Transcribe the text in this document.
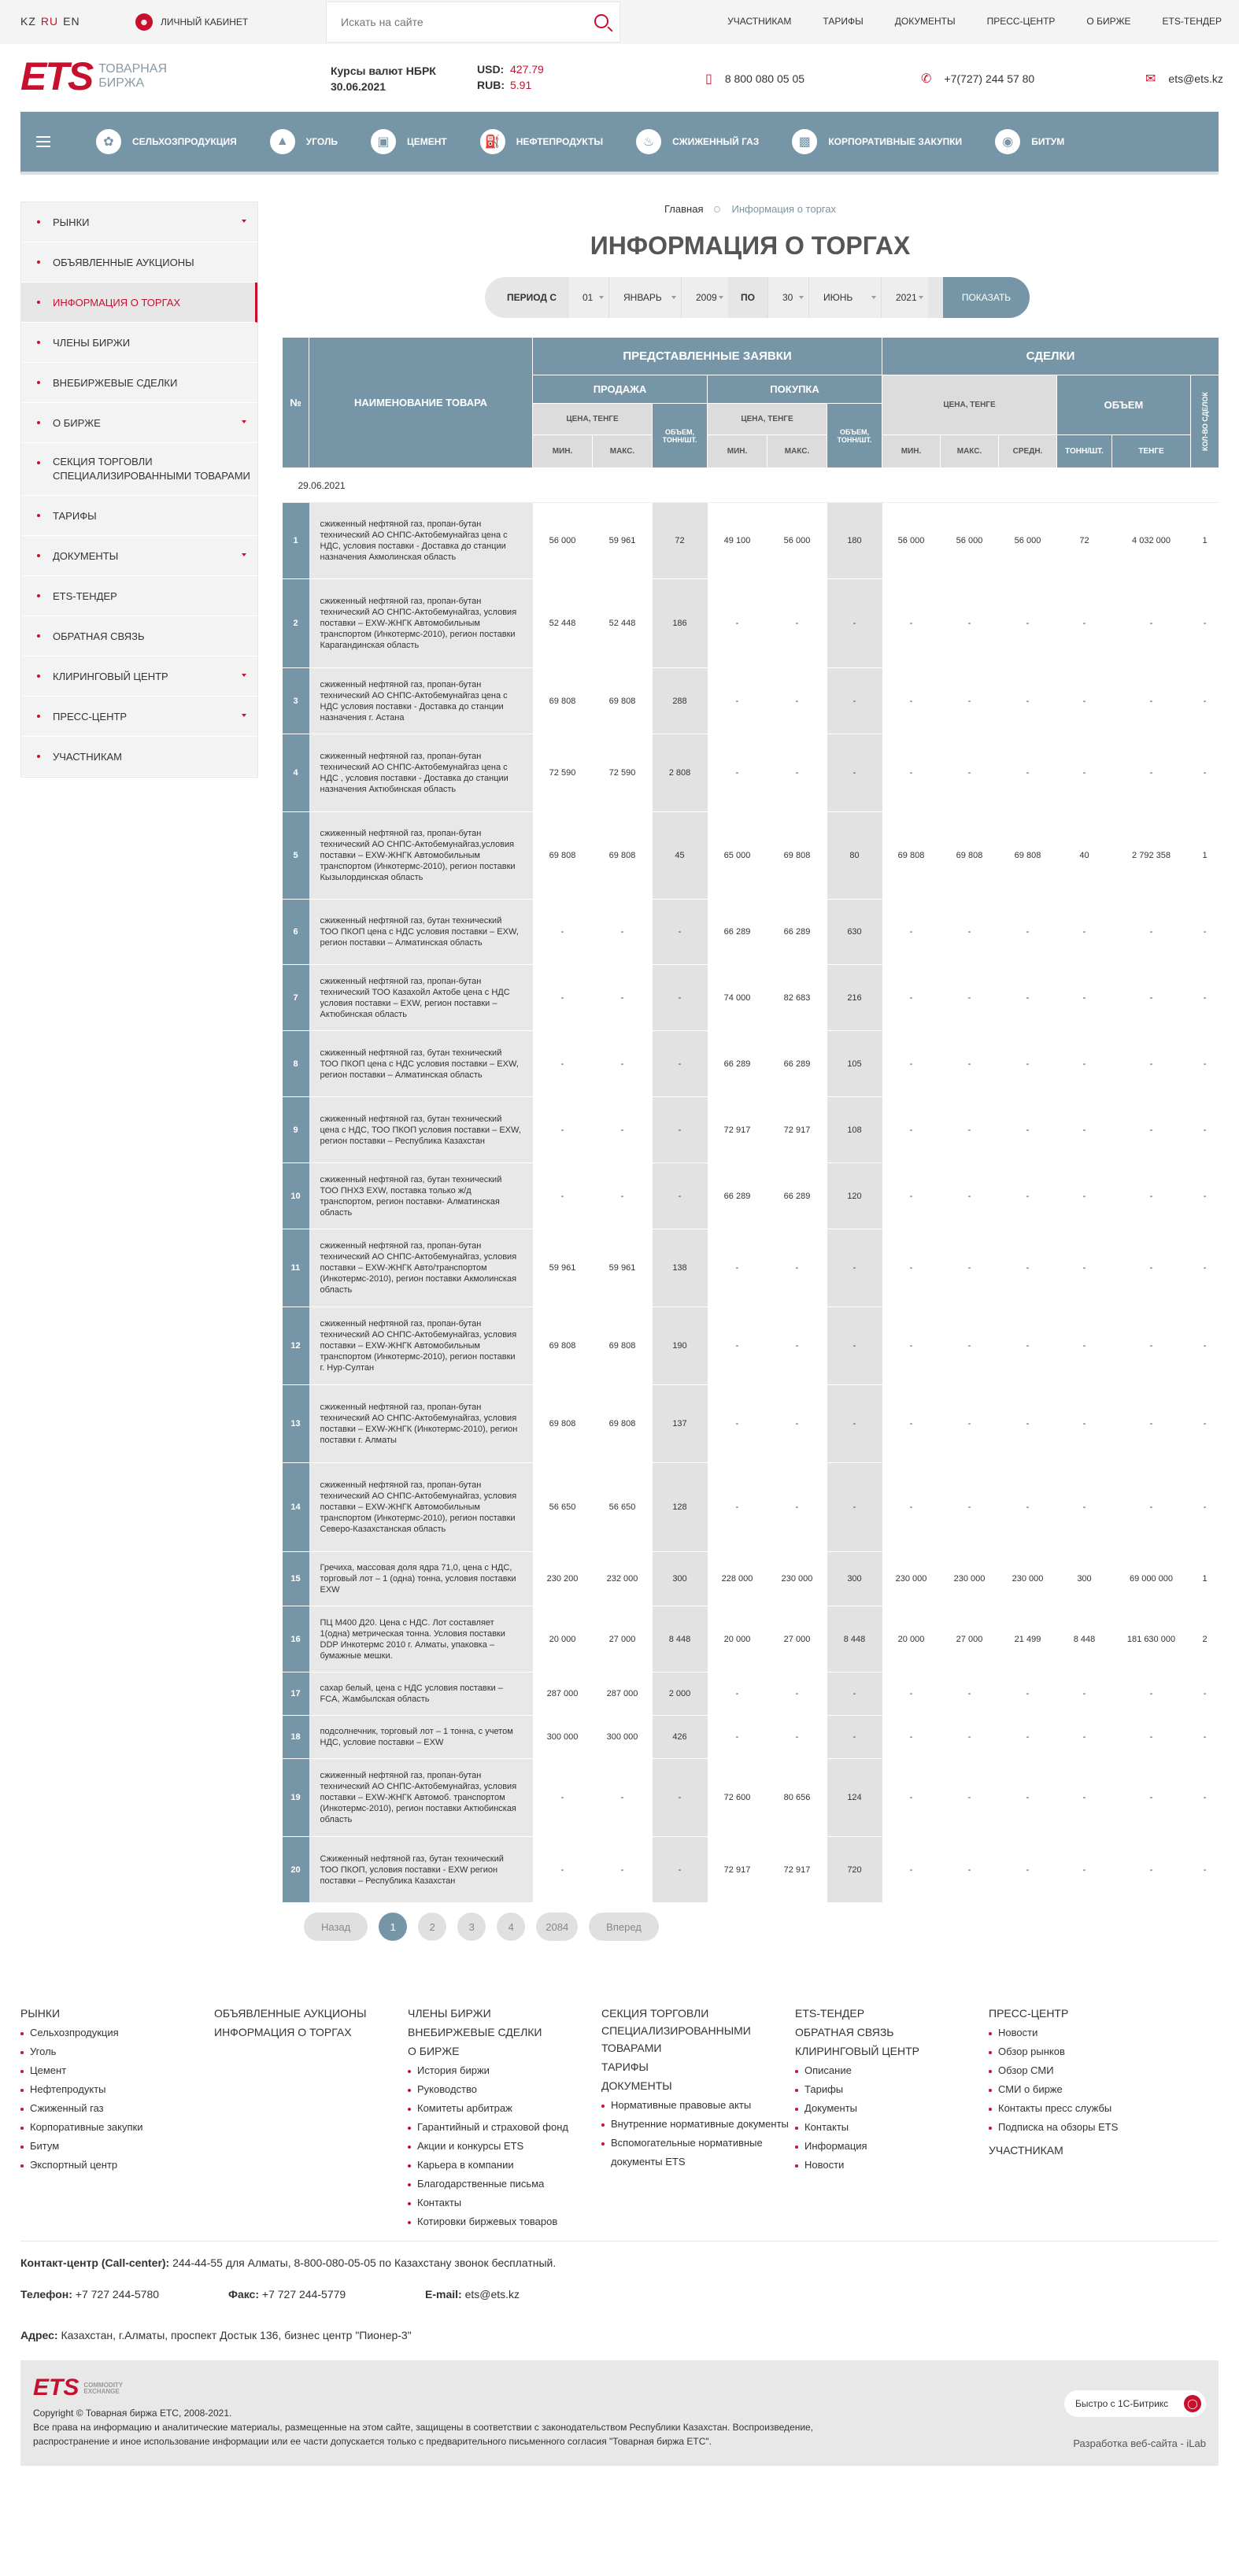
KZ RU EN	☻	ЛИЧНЫЙ КАБИНЕТ
Искать на сайте	УЧАСТНИКАМ	ТАРИФЫ	ДОКУМЕНТЫ	ПРЕСС-ЦЕНТР	О БИРЖЕ	ETS-ТЕНДЕР
ETS ТОВАРНАЯ
БИРЖА
Курсы валют НБРК
30.06.2021
USD: 427.79
RUB: 5.91	▯ 8 800 080 05 05	✆ +7(727) 244 57 80	✉ ets@ets.kz
✿	СЕЛЬХОЗПРОДУКЦИЯ	▲	УГОЛЬ	▣	ЦЕМЕНТ	⛽	НЕФТЕПРОДУКТЫ	♨	СЖИЖЕННЫЙ ГАЗ	▩	КОРПОРАТИВНЫЕ ЗАКУПКИ	◉	БИТУМ
РЫНКИ
ОБЪЯВЛЕННЫЕ АУКЦИОНЫ
ИНФОРМАЦИЯ О ТОРГАХ
ЧЛЕНЫ БИРЖИ
ВНЕБИРЖЕВЫЕ СДЕЛКИ
О БИРЖЕ
СЕКЦИЯ ТОРГОВЛИ СПЕЦИАЛИЗИРОВАННЫМИ ТОВАРАМИ
ТАРИФЫ
ДОКУМЕНТЫ
ETS-ТЕНДЕР
ОБРАТНАЯ СВЯЗЬ
КЛИРИНГОВЫЙ ЦЕНТР
ПРЕСС-ЦЕНТР
УЧАСТНИКАМ
Главная	Информация о торгах
ИНФОРМАЦИЯ О ТОРГАХ
ПЕРИОД С	01	ЯНВАРЬ	2009	ПО	30	ИЮНЬ	2021	ПОКАЗАТЬ
№	НАИМЕНОВАНИЕ ТОВАРА	ПРЕДСТАВЛЕННЫЕ ЗАЯВКИ						СДЕЛКИ					
		ПРОДАЖА			ПОКУПКА			ЦЕНА, ТЕНГЕ			ОБЪЕМ		КОЛ-ВО СДЕЛОК
		ЦЕНА, ТЕНГЕ		ОБЪЕМ, ТОНН/ШТ.	ЦЕНА, ТЕНГЕ		ОБЪЕМ, ТОНН/ШТ.						
		МИН.	МАКС.		МИН.	МАКС.		МИН.	МАКС.	СРЕДН.	ТОНН/ШТ.	ТЕНГЕ	
29.06.2021													
1	сжиженный нефтяной газ, пропан-бутан технический АО СНПС-Актобемунайгаз цена с НДС, условия поставки - Доставка до станции назначения Акмолинская область	56 000	59 961	72	49 100	56 000	180	56 000	56 000	56 000	72	4 032 000	1
2	сжиженный нефтяной газ, пропан-бутан технический АО СНПС-Актобемунайгаз, условия поставки – EXW-ЖНГК Автомобильным транспортом (Инкотермс-2010), регион поставки Карагандинская область	52 448	52 448	186	-	-	-	-	-	-	-	-	-
3	сжиженный нефтяной газ, пропан-бутан технический АО СНПС-Актобемунайгаз цена с НДС условия поставки - Доставка до станции назначения г. Астана	69 808	69 808	288	-	-	-	-	-	-	-	-	-
4	сжиженный нефтяной газ, пропан-бутан технический АО СНПС-Актобемунайгаз цена с НДС , условия поставки - Доставка до станции назначения Актюбинская область	72 590	72 590	2 808	-	-	-	-	-	-	-	-	-
5	сжиженный нефтяной газ, пропан-бутан технический АО СНПС-Актобемунайгаз,условия поставки – EXW-ЖНГК Автомобильным транспортом (Инкотермс-2010), регион поставки Кызылординская область	69 808	69 808	45	65 000	69 808	80	69 808	69 808	69 808	40	2 792 358	1
6	сжиженный нефтяной газ, бутан технический ТОО ПКОП цена с НДС условия поставки – EXW, регион поставки – Алматинская область	-	-	-	66 289	66 289	630	-	-	-	-	-	-
7	сжиженный нефтяной газ, пропан-бутан технический ТОО Казахойл Актобе цена с НДС условия поставки – EXW, регион поставки – Актюбинская область	-	-	-	74 000	82 683	216	-	-	-	-	-	-
8	сжиженный нефтяной газ, бутан технический ТОО ПКОП цена с НДС условия поставки – EXW, регион поставки – Алматинская область	-	-	-	66 289	66 289	105	-	-	-	-	-	-
9	сжиженный нефтяной газ, бутан технический цена с НДС, ТОО ПКОП условия поставки – EXW, регион поставки – Республика Казахстан	-	-	-	72 917	72 917	108	-	-	-	-	-	-
10	сжиженный нефтяной газ, бутан технический ТОО ПНХЗ EXW, поставка только ж/д транспортом, регион поставки- Алматинская область	-	-	-	66 289	66 289	120	-	-	-	-	-	-
11	сжиженный нефтяной газ, пропан-бутан технический АО СНПС-Актобемунайгаз, условия поставки – EXW-ЖНГК Авто/транспортом (Инкотермс-2010), регион поставки Акмолинская область	59 961	59 961	138	-	-	-	-	-	-	-	-	-
12	сжиженный нефтяной газ, пропан-бутан технический АО СНПС-Актобемунайгаз, условия поставки – EXW-ЖНГК Автомобильным транспортом (Инкотермс-2010), регион поставки г. Нур-Султан	69 808	69 808	190	-	-	-	-	-	-	-	-	-
13	сжиженный нефтяной газ, пропан-бутан технический АО СНПС-Актобемунайгаз, условия поставки – EXW-ЖНГК (Инкотермс-2010), регион поставки г. Алматы	69 808	69 808	137	-	-	-	-	-	-	-	-	-
14	сжиженный нефтяной газ, пропан-бутан технический АО СНПС-Актобемунайгаз, условия поставки – EXW-ЖНГК Автомобильным транспортом (Инкотермс-2010), регион поставки Северо-Казахстанская область	56 650	56 650	128	-	-	-	-	-	-	-	-	-
15	Гречиха, массовая доля ядра 71,0, цена с НДС, торговый лот – 1 (одна) тонна, условия поставки EXW	230 200	232 000	300	228 000	230 000	300	230 000	230 000	230 000	300	69 000 000	1
16	ПЦ М400 Д20. Цена с НДС. Лот составляет 1(одна) метрическая тонна. Условия поставки DDP Инкотермс 2010 г. Алматы, упаковка – бумажные мешки.	20 000	27 000	8 448	20 000	27 000	8 448	20 000	27 000	21 499	8 448	181 630 000	2
17	сахар белый, цена с НДС условия поставки – FCA, Жамбылская область	287 000	287 000	2 000	-	-	-	-	-	-	-	-	-
18	подсолнечник, торговый лот – 1 тонна, с учетом НДС, условие поставки – EXW	300 000	300 000	426	-	-	-	-	-	-	-	-	-
19	сжиженный нефтяной газ, пропан-бутан технический АО СНПС-Актобемунайгаз, условия поставки – EXW-ЖНГК Автомоб. транспортом (Инкотермс-2010), регион поставки Актюбинская область	-	-	-	72 600	80 656	124	-	-	-	-	-	-
20	Сжиженный нефтяной газ, бутан технический ТОО ПКОП, условия поставки - EXW регион поставки – Республика Казахстан	-	-	-	72 917	72 917	720	-	-	-	-	-	-
Назад	1	2	3	4	2084	Вперед
РЫНКИ
Сельхозпродукция
Уголь
Цемент
Нефтепродукты
Сжиженный газ
Корпоративные закупки
Битум
Экспортный центр
ОБЪЯВЛЕННЫЕ АУКЦИОНЫ
ИНФОРМАЦИЯ О ТОРГАХ
ЧЛЕНЫ БИРЖИ
ВНЕБИРЖЕВЫЕ СДЕЛКИ
О БИРЖЕ
История биржи
Руководство
Комитеты арбитраж
Гарантийный и страховой фонд
Акции и конкурсы ETS
Карьера в компании
Благодарственные письма
Контакты
Котировки биржевых товаров
СЕКЦИЯ ТОРГОВЛИ СПЕЦИАЛИЗИРОВАННЫМИ ТОВАРАМИ
ТАРИФЫ
ДОКУМЕНТЫ
Нормативные правовые акты
Внутренние нормативные документы
Вспомогательные нормативные документы ETS
ETS-ТЕНДЕР
ОБРАТНАЯ СВЯЗЬ
КЛИРИНГОВЫЙ ЦЕНТР
Описание
Тарифы
Документы
Контакты
Информация
Новости
ПРЕСС-ЦЕНТР
Новости
Обзор рынков
Обзор СМИ
СМИ о бирже
Контакты пресс службы
Подписка на обзоры ETS
УЧАСТНИКАМ
Контакт-центр (Call-center): 244-44-55 для Алматы, 8-800-080-05-05 по Казахстану звонок бесплатный.
Телефон: +7 727 244-5780	Факс: +7 727 244-5779	E-mail: ets@ets.kz
Адрес: Казахстан, г.Алматы, проспект Достык 136, бизнес центр "Пионер-3"
ETS COMMODITY EXCHANGE
Copyright © Товарная биржа ЕТС, 2008-2021.
Все права на информацию и аналитические материалы, размещенные на этом сайте, защищены в соответствии с законодательством Республики Казахстан. Воспроизведение, распространение и иное использование информации или ее части допускается только с предварительного письменного согласия "Товарная биржа ЕТС".
Быстро с 1С-Битрикс	◯
Разработка веб-сайта - iLab
